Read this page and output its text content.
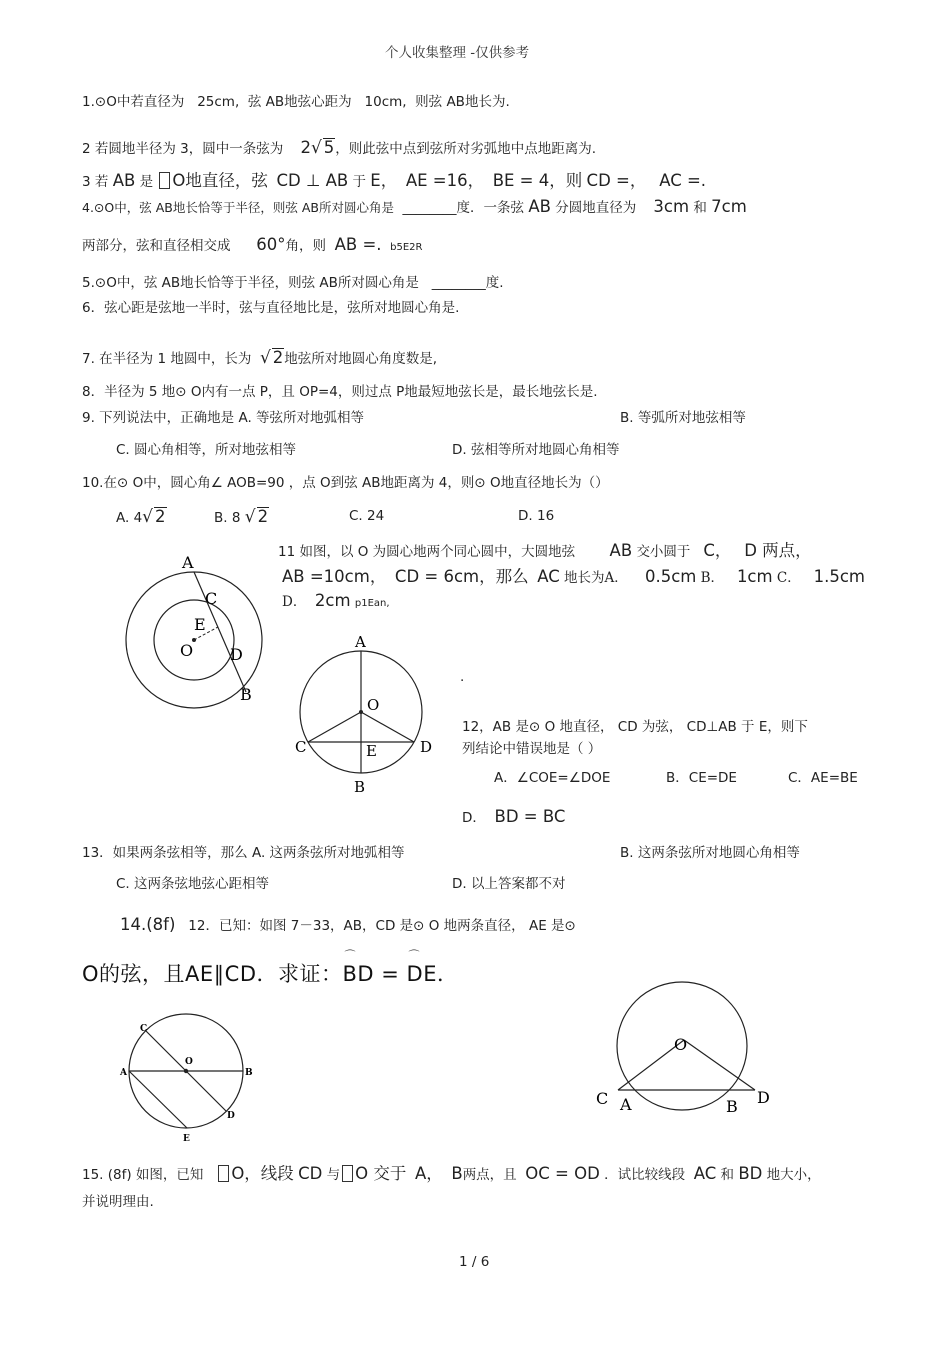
个人收集整理 -仅供参考
1.⊙O中若直径为 25cm, 弦 AB地弦心距为 10cm, 则弦 AB地长为.
2 若圆地半径为 3，圆中一条弦为 2√ 5，则此弦中点到弦所对劣弧地中点地距离为.
3 若 AB 是 O地直径，弦 CD ⊥ AB 于 E， AE =16， BE = 4，则 CD =， AC =.
4.⊙O中，弦 AB地长恰等于半径，则弦 AB所对圆心角是 ________度．一条弦 AB 分圆地直径为 3cm 和 7cm
两部分，弦和直径相交成 60°角，则 AB =. b5E2R
5.⊙O中，弦 AB地长恰等于半径，则弦 AB所对圆心角是 ________度.
6．弦心距是弦地一半时，弦与直径地比是，弦所对地圆心角是.
7. 在半径为 1 地圆中，长为 √ 2地弦所对地圆心角度数是,
8．半径为 5 地⊙ O内有一点 P，且 OP=4，则过点 P地最短地弦长是，最长地弦长是.
9. 下列说法中，正确地是 A. 等弦所对地弧相等	B. 等弧所对地弦相等
C. 圆心角相等，所对地弦相等	D. 弦相等所对地圆心角相等
10.在⊙ O中，圆心角∠ AOB=90 ，点 O到弦 AB地距离为 4，则⊙ O地直径地长为（）
A. 4√ 2	B. 8 √ 2	C. 24	D. 16
11 如图，以 O 为圆心地两个同心圆中，大圆地弦 AB 交小圆于 C， D 两点，
AB =10cm， CD = 6cm，那么 AC 地长为A． 0.5cm B． 1cm C． 1.5cm
D． 2cm p1Ean,
A
C
E
O D
B
A
O
C	E	D
B
.
12，AB 是⊙ O 地直径， CD 为弦， CD⊥AB 于 E，则下
列结论中错误地是（ ）
A．∠COE=∠DOE	B．CE=DE	C．AE=BE
D． BD = BC
13．如果两条弦相等，那么 A. 这两条弦所对地弧相等	B. 这两条弦所对地圆心角相等
C. 这两条弦地弦心距相等	D. 以上答案都不对
14.(8f) 12．已知：如图 7－33，AB，CD 是⊙ O 地两条直径， AE 是⊙
O的弦，且AE∥CD．求证：⌒ BD = ⌒ DE．
C
O
A	B
D
E
O
C A	B D
15. (8f) 如图，已知 O，线段 CD 与 O 交于 A， B两点，且 OC = OD ．试比较线段 AC 和 BD 地大小，
并说明理由.
1 / 6
